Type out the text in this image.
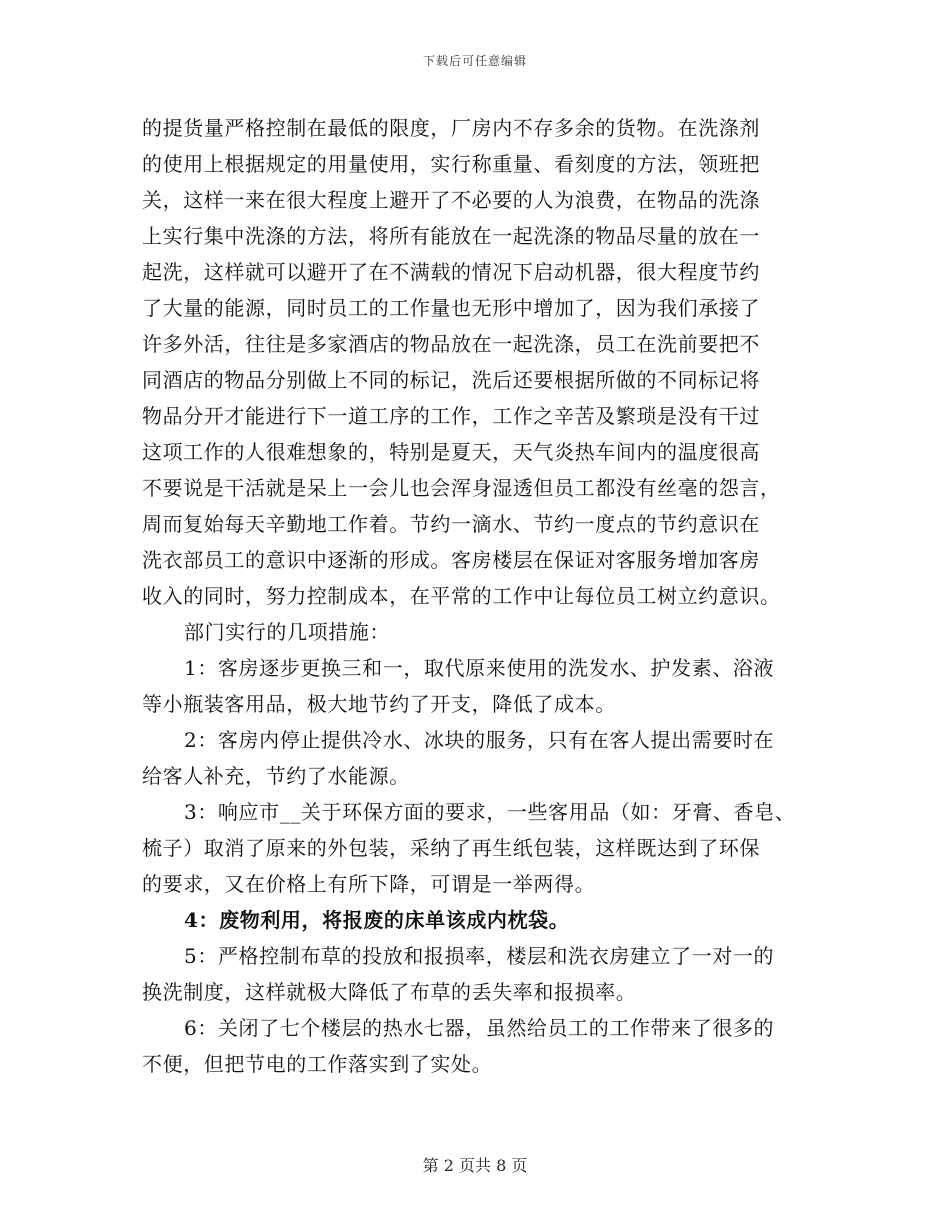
下载后可任意编辑
的提货量严格控制在最低的限度，厂房内不存多余的货物。在洗涤剂
的使用上根据规定的用量使用，实行称重量、看刻度的方法，领班把
关，这样一来在很大程度上避开了不必要的人为浪费，在物品的洗涤
上实行集中洗涤的方法，将所有能放在一起洗涤的物品尽量的放在一
起洗，这样就可以避开了在不满载的情况下启动机器，很大程度节约
了大量的能源，同时员工的工作量也无形中增加了，因为我们承接了
许多外活，往往是多家酒店的物品放在一起洗涤，员工在洗前要把不
同酒店的物品分别做上不同的标记，洗后还要根据所做的不同标记将
物品分开才能进行下一道工序的工作，工作之辛苦及繁琐是没有干过
这项工作的人很难想象的，特别是夏天，天气炎热车间内的温度很高
不要说是干活就是呆上一会儿也会浑身湿透但员工都没有丝毫的怨言，
周而复始每天辛勤地工作着。节约一滴水、节约一度点的节约意识在
洗衣部员工的意识中逐渐的形成。客房楼层在保证对客服务增加客房
收入的同时，努力控制成本，在平常的工作中让每位员工树立约意识。
部门实行的几项措施：
1：客房逐步更换三和一，取代原来使用的洗发水、护发素、浴液
等小瓶装客用品，极大地节约了开支，降低了成本。
2：客房内停止提供冷水、冰块的服务，只有在客人提出需要时在
给客人补充，节约了水能源。
3：响应市__关于环保方面的要求，一些客用品（如：牙膏、香皂、
梳子）取消了原来的外包装，采纳了再生纸包装，这样既达到了环保
的要求，又在价格上有所下降，可谓是一举两得。
4：废物利用，将报废的床单该成内枕袋。
5：严格控制布草的投放和报损率，楼层和洗衣房建立了一对一的
换洗制度，这样就极大降低了布草的丢失率和报损率。
6：关闭了七个楼层的热水七器，虽然给员工的工作带来了很多的
不便，但把节电的工作落实到了实处。
第 2 页共 8 页
